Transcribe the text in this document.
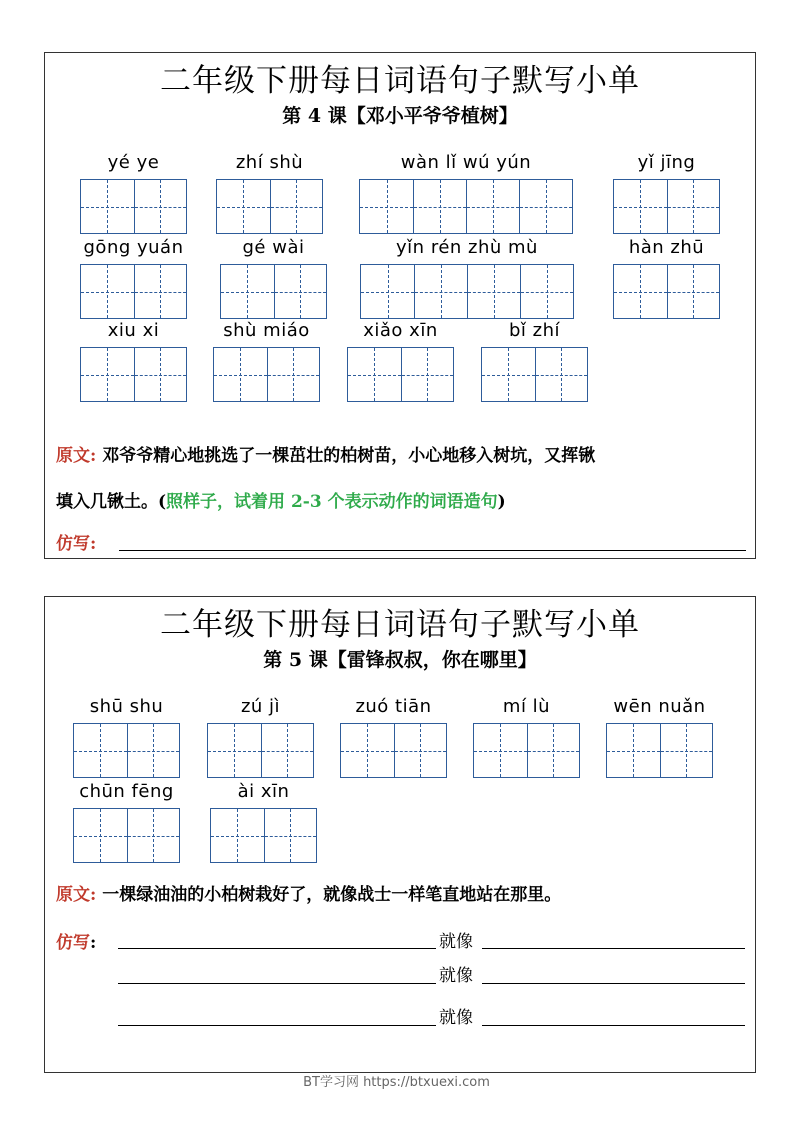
二年级下册每日词语句子默写小单
第 4 课【邓小平爷爷植树】
yé ye	zhí shù	wàn lǐ wú yún	yǐ jīng
gōng yuán	gé wài	yǐn rén zhù mù	hàn zhū
xiu xi	shù miáo	xiǎo xīn	bǐ zhí
原文: 邓爷爷精心地挑选了一棵茁壮的柏树苗，小心地移入树坑，又挥锹
填入几锹土。(照样子，试着用 2-3 个表示动作的词语造句)
仿写:
二年级下册每日词语句子默写小单
第 5 课【雷锋叔叔，你在哪里】
shū shu	zú jì	zuó tiān	mí lù	wēn nuǎn
chūn fēng	ài xīn
原文: 一棵绿油油的小柏树栽好了，就像战士一样笔直地站在那里。
仿写:	就像
就像
就像
BT学习网 https://btxuexi.com
